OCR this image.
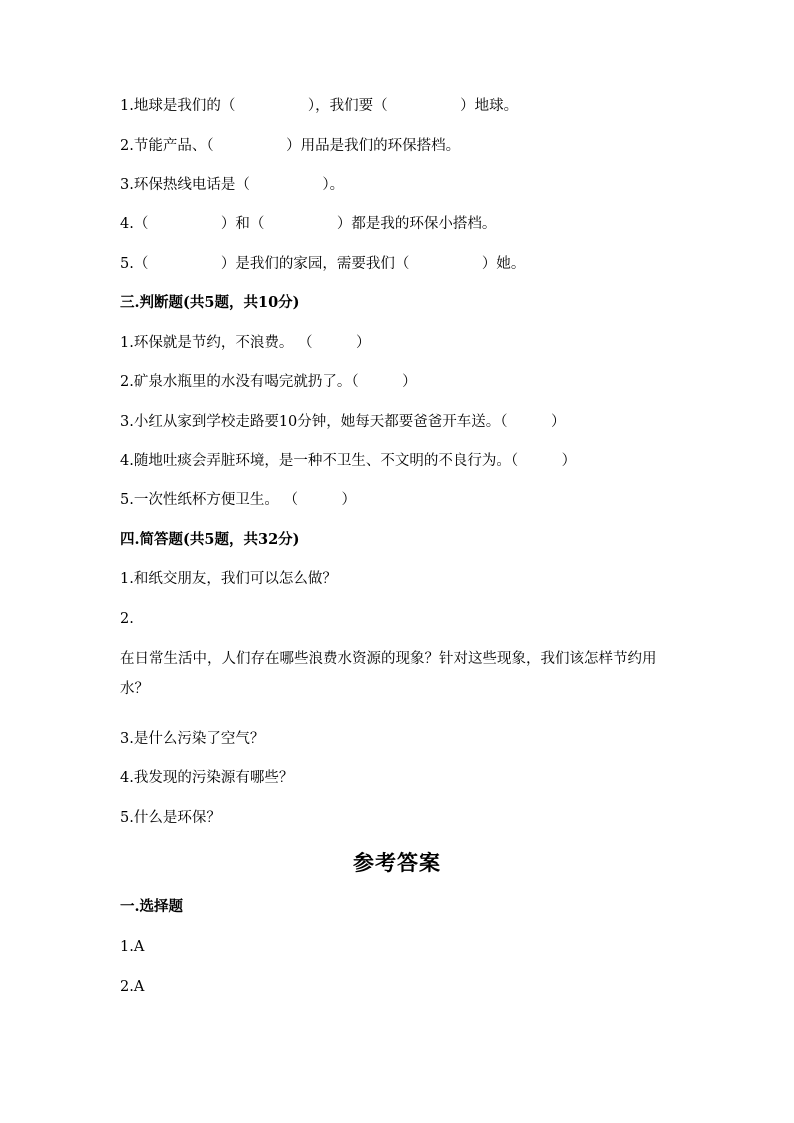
1.地球是我们的（　　　　　），我们要（　　　　　）地球。
2.节能产品、（　　　　　）用品是我们的环保搭档。
3.环保热线电话是（　　　　　）。
4.（　　　　　）和（　　　　　）都是我的环保小搭档。
5.（　　　　　）是我们的家园，需要我们（　　　　　）她。
三.判断题(共5题，共10分)
1.环保就是节约，不浪费。 （　　　）
2.矿泉水瓶里的水没有喝完就扔了。（　　　）
3.小红从家到学校走路要10分钟，她每天都要爸爸开车送。（　　　）
4.随地吐痰会弄脏环境，是一种不卫生、不文明的不良行为。（　　　）
5.一次性纸杯方便卫生。 （　　　）
四.简答题(共5题，共32分)
1.和纸交朋友，我们可以怎么做？
2.
在日常生活中，人们存在哪些浪费水资源的现象？针对这些现象，我们该怎样节约用水？
3.是什么污染了空气？
4.我发现的污染源有哪些？
5.什么是环保？
参考答案
一.选择题
1.A
2.A
